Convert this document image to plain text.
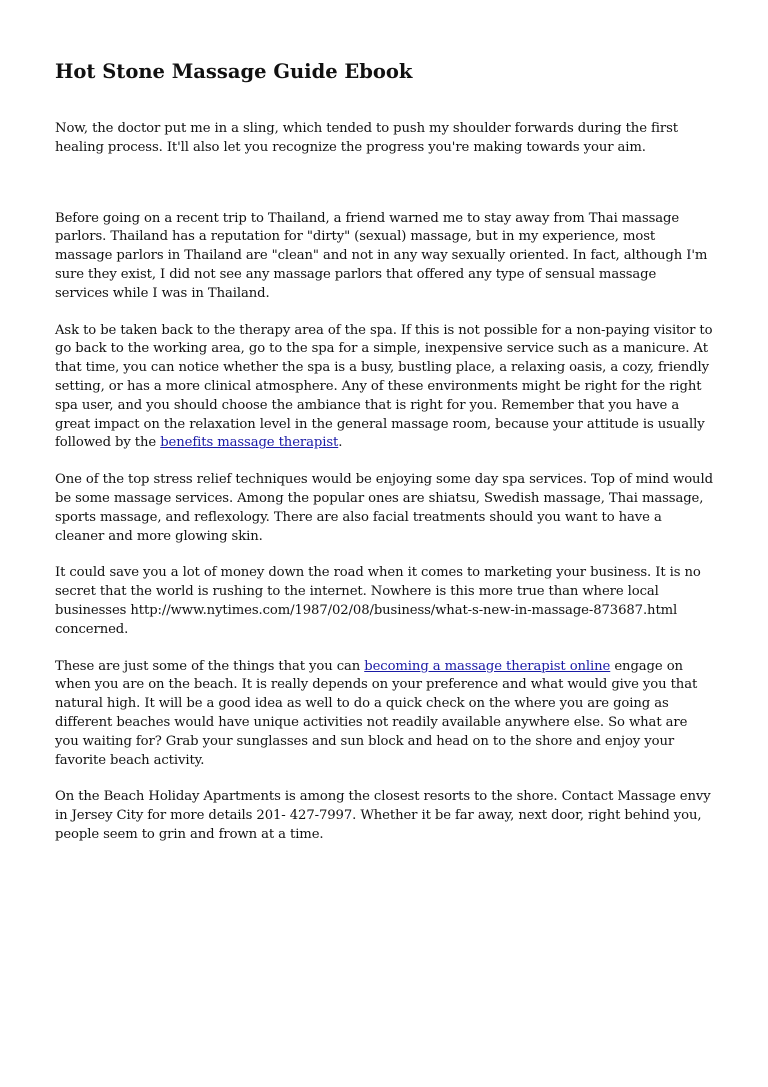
Hot Stone Massage Guide Ebook

Now, the doctor put me in a sling, which tended to push my shoulder forwards during the first healing process. It'll also let you recognize the progress you're making towards your aim.

Before going on a recent trip to Thailand, a friend warned me to stay away from Thai massage parlors. Thailand has a reputation for "dirty" (sexual) massage, but in my experience, most massage parlors in Thailand are "clean" and not in any way sexually oriented. In fact, although I'm sure they exist, I did not see any massage parlors that offered any type of sensual massage services while I was in Thailand.

Ask to be taken back to the therapy area of the spa. If this is not possible for a non-paying visitor to go back to the working area, go to the spa for a simple, inexpensive service such as a manicure. At that time, you can notice whether the spa is a busy, bustling place, a relaxing oasis, a cozy, friendly setting, or has a more clinical atmosphere. Any of these environments might be right for the right spa user, and you should choose the ambiance that is right for you. Remember that you have a great impact on the relaxation level in the general massage room, because your attitude is usually followed by the benefits massage therapist.

One of the top stress relief techniques would be enjoying some day spa services. Top of mind would be some massage services. Among the popular ones are shiatsu, Swedish massage, Thai massage, sports massage, and reflexology. There are also facial treatments should you want to have a cleaner and more glowing skin.

It could save you a lot of money down the road when it comes to marketing your business. It is no secret that the world is rushing to the internet. Nowhere is this more true than where local businesses http://www.nytimes.com/1987/02/08/business/what-s-new-in-massage-873687.html concerned.

These are just some of the things that you can becoming a massage therapist online engage on when you are on the beach. It is really depends on your preference and what would give you that natural high. It will be a good idea as well to do a quick check on the where you are going as different beaches would have unique activities not readily available anywhere else. So what are you waiting for? Grab your sunglasses and sun block and head on to the shore and enjoy your favorite beach activity.

On the Beach Holiday Apartments is among the closest resorts to the shore. Contact Massage envy in Jersey City for more details 201- 427-7997. Whether it be far away, next door, right behind you, people seem to grin and frown at a time.
